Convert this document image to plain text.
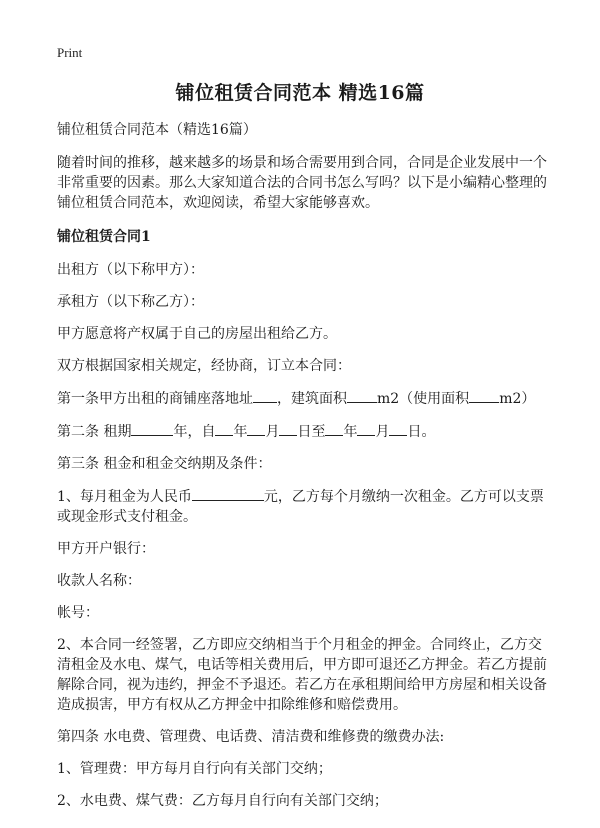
Print
铺位租赁合同范本 精选16篇

铺位租赁合同范本（精选16篇）

随着时间的推移，越来越多的场景和场合需要用到合同，合同是企业发展中一个非常重要的因素。那么大家知道合法的合同书怎么写吗？以下是小编精心整理的铺位租赁合同范本，欢迎阅读，希望大家能够喜欢。

铺位租赁合同1

出租方（以下称甲方）：

承租方（以下称乙方）：

甲方愿意将产权属于自己的房屋出租给乙方。

双方根据国家相关规定，经协商，订立本合同：

第一条甲方出租的商铺座落地址 ，建筑面积 m2（使用面积 m2）

第二条 租期	年，自 年 月 日至 年 月 日。

第三条 租金和租金交纳期及条件：

1、每月租金为人民币	元，乙方每个月缴纳一次租金。乙方可以支票或现金形式支付租金。

甲方开户银行：

收款人名称：

帐号：

2、本合同一经签署，乙方即应交纳相当于个月租金的押金。合同终止，乙方交清租金及水电、煤气，电话等相关费用后，甲方即可退还乙方押金。若乙方提前解除合同，视为违约，押金不予退还。若乙方在承租期间给甲方房屋和相关设备造成损害，甲方有权从乙方押金中扣除维修和赔偿费用。

第四条 水电费、管理费、电话费、清洁费和维修费的缴费办法:

1、管理费：甲方每月自行向有关部门交纳；

2、水电费、煤气费：乙方每月自行向有关部门交纳；
